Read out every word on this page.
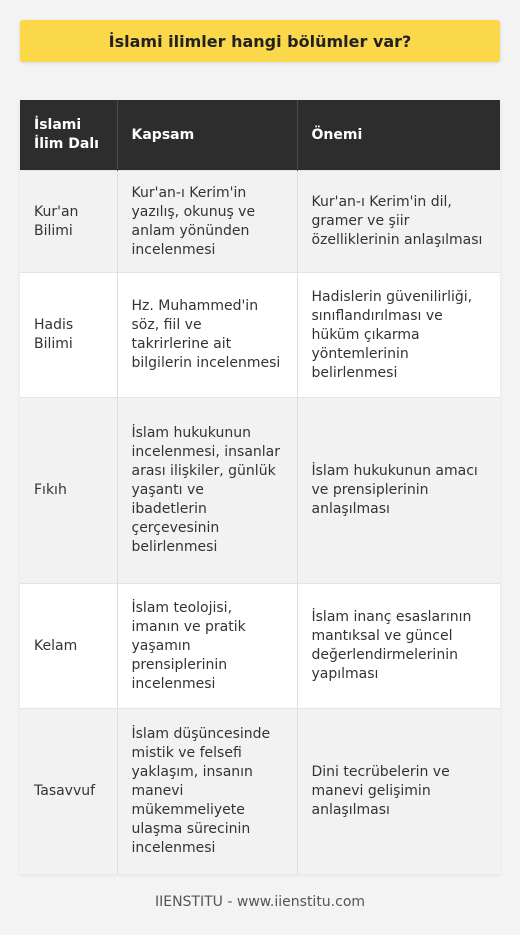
İslami ilimler hangi bölümler var?
İslami İlim Dalı	Kapsam	Önemi
Kur'an Bilimi	Kur'an-ı Kerim'in yazılış, okunuş ve anlam yönünden incelenmesi	Kur'an-ı Kerim'in dil, gramer ve şiir özelliklerinin anlaşılması
Hadis Bilimi	Hz. Muhammed'in söz, fiil ve takrirlerine ait bilgilerin incelenmesi	Hadislerin güvenilirliği, sınıflandırılması ve hüküm çıkarma yöntemlerinin belirlenmesi
Fıkıh	İslam hukukunun incelenmesi, insanlar arası ilişkiler, günlük yaşantı ve ibadetlerin çerçevesinin belirlenmesi	İslam hukukunun amacı ve prensiplerinin anlaşılması
Kelam	İslam teolojisi, imanın ve pratik yaşamın prensiplerinin incelenmesi	İslam inanç esaslarının mantıksal ve güncel değerlendirmelerinin yapılması
Tasavvuf	İslam düşüncesinde mistik ve felsefi yaklaşım, insanın manevi mükemmeliyete ulaşma sürecinin incelenmesi	Dini tecrübelerin ve manevi gelişimin anlaşılması
IIENSTITU - www.iienstitu.com
